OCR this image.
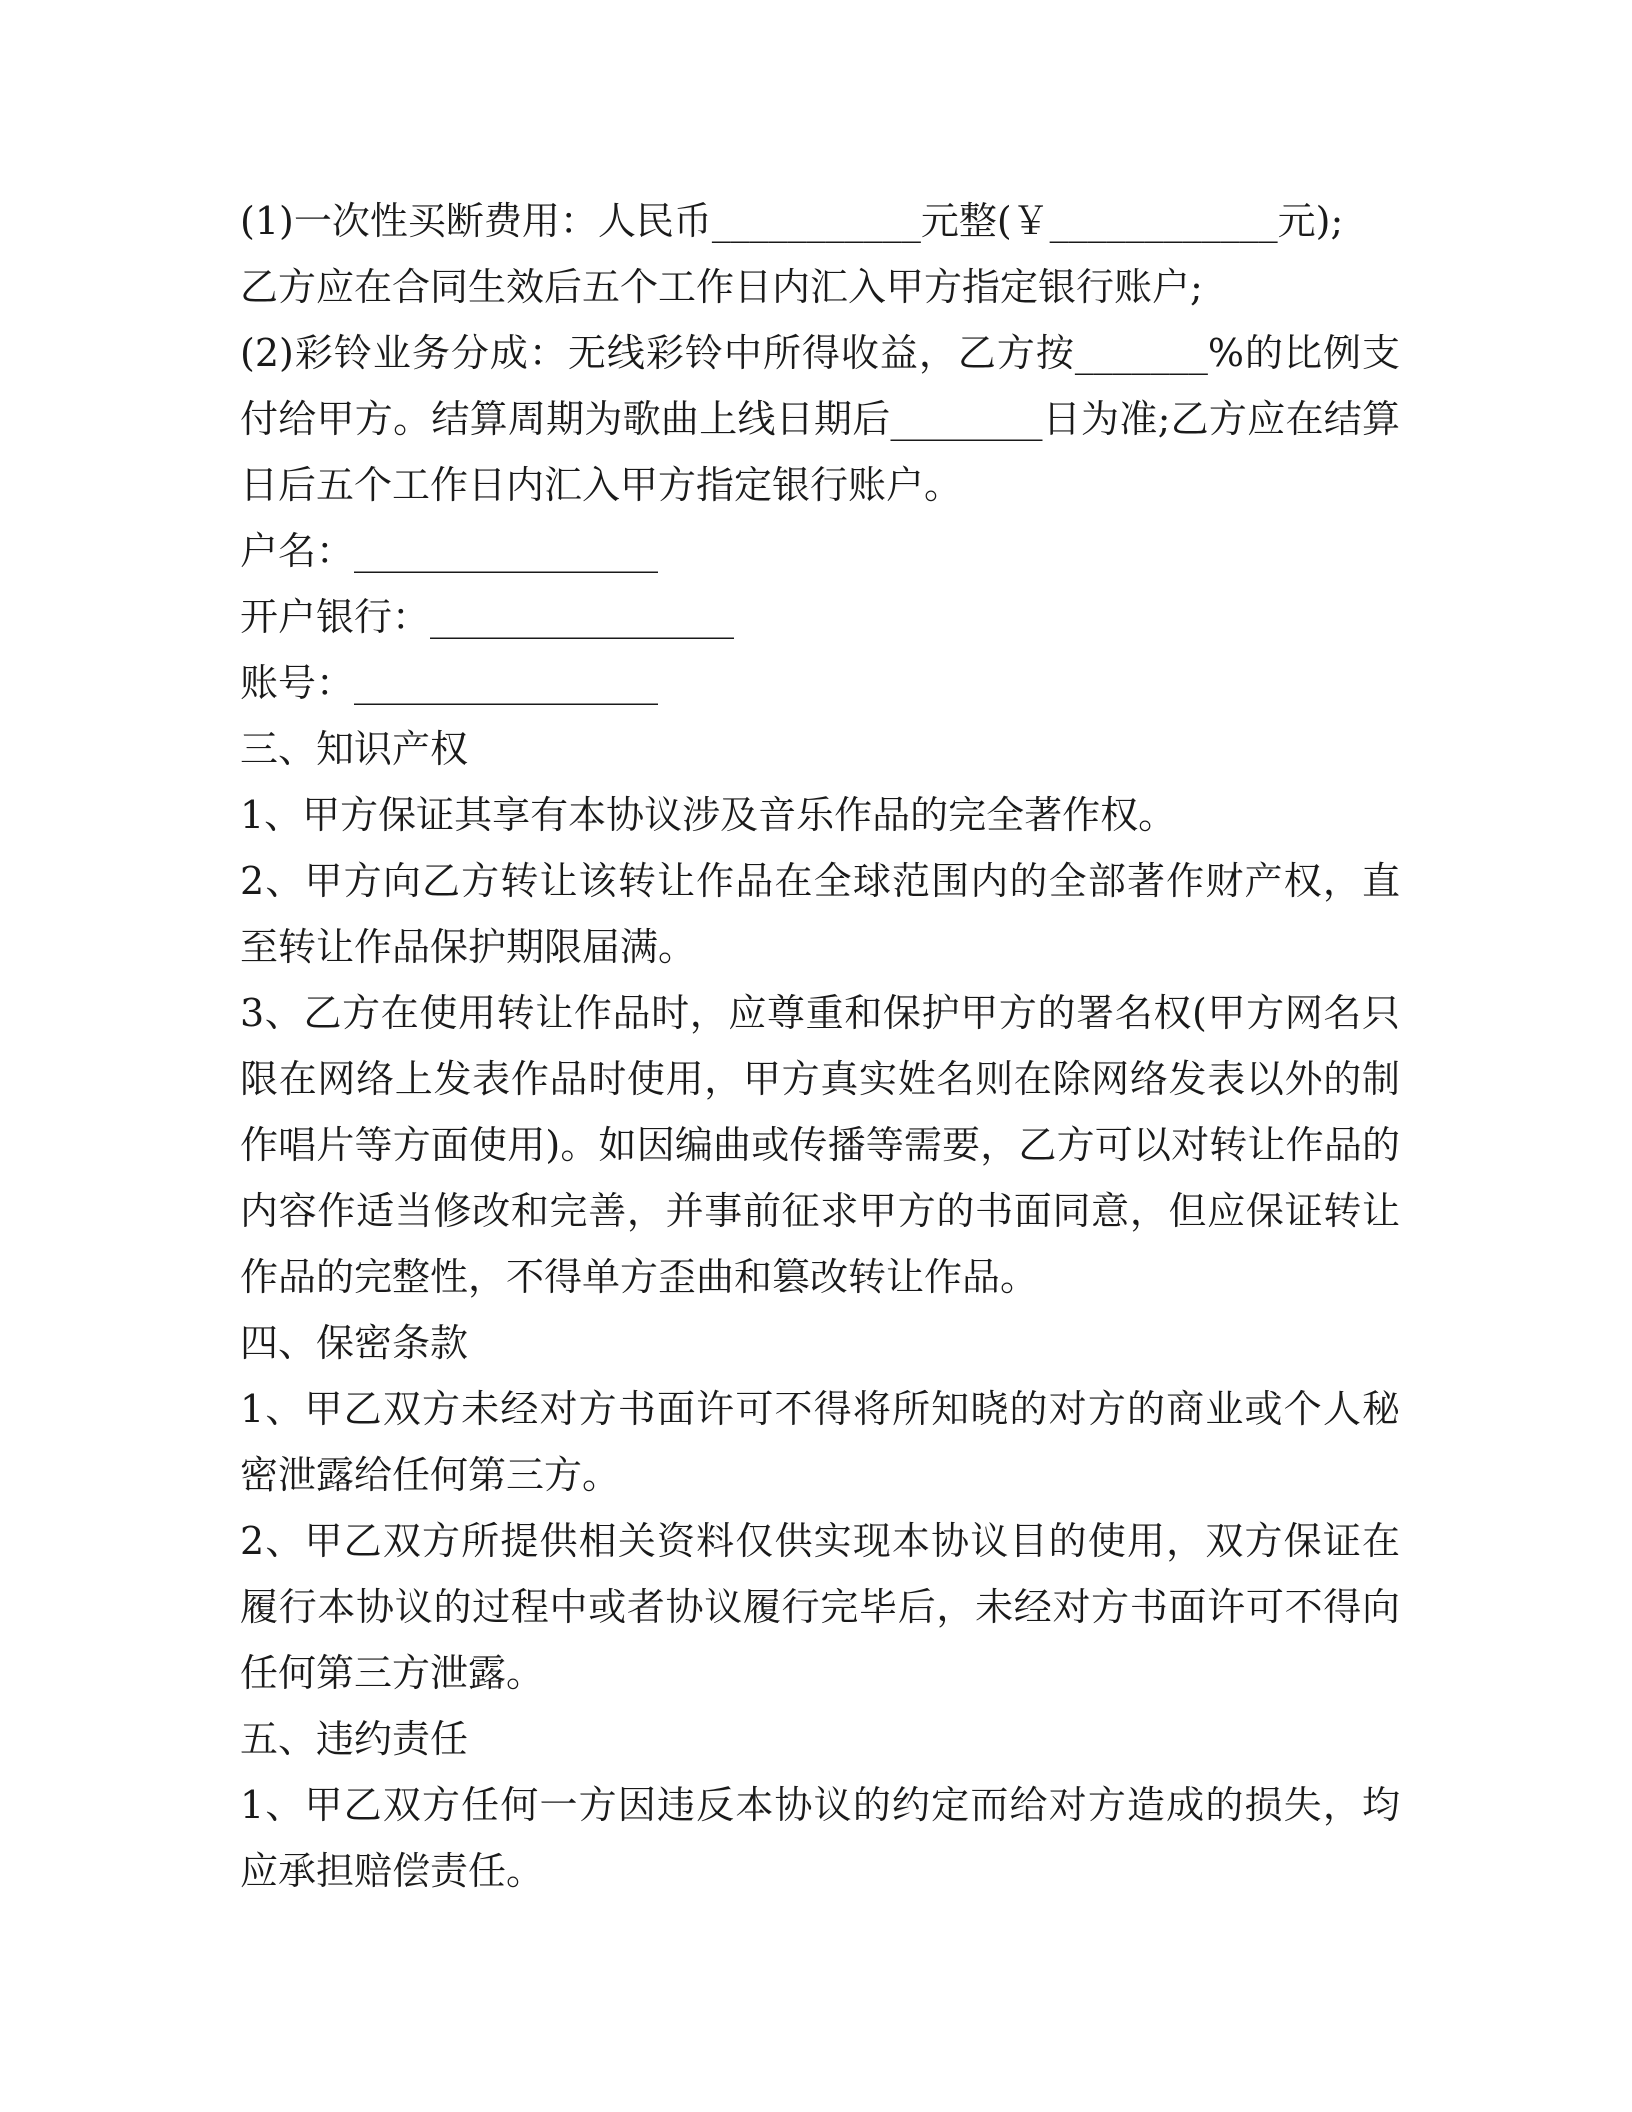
(1)一次性买断费用：人民币___________元整(￥____________元);

乙方应在合同生效后五个工作日内汇入甲方指定银行账户;

(2)彩铃业务分成：无线彩铃中所得收益，乙方按_______%的比例支付给甲方。结算周期为歌曲上线日期后________日为准;乙方应在结算日后五个工作日内汇入甲方指定银行账户。

户名：________________

开户银行：________________

账号：________________

三、知识产权

1、甲方保证其享有本协议涉及音乐作品的完全著作权。

2、甲方向乙方转让该转让作品在全球范围内的全部著作财产权，直至转让作品保护期限届满。

3、乙方在使用转让作品时，应尊重和保护甲方的署名权(甲方网名只限在网络上发表作品时使用，甲方真实姓名则在除网络发表以外的制作唱片等方面使用)。如因编曲或传播等需要，乙方可以对转让作品的内容作适当修改和完善，并事前征求甲方的书面同意，但应保证转让作品的完整性，不得单方歪曲和篡改转让作品。

四、保密条款

1、甲乙双方未经对方书面许可不得将所知晓的对方的商业或个人秘密泄露给任何第三方。

2、甲乙双方所提供相关资料仅供实现本协议目的使用，双方保证在履行本协议的过程中或者协议履行完毕后，未经对方书面许可不得向任何第三方泄露。

五、违约责任

1、甲乙双方任何一方因违反本协议的约定而给对方造成的损失，均应承担赔偿责任。
